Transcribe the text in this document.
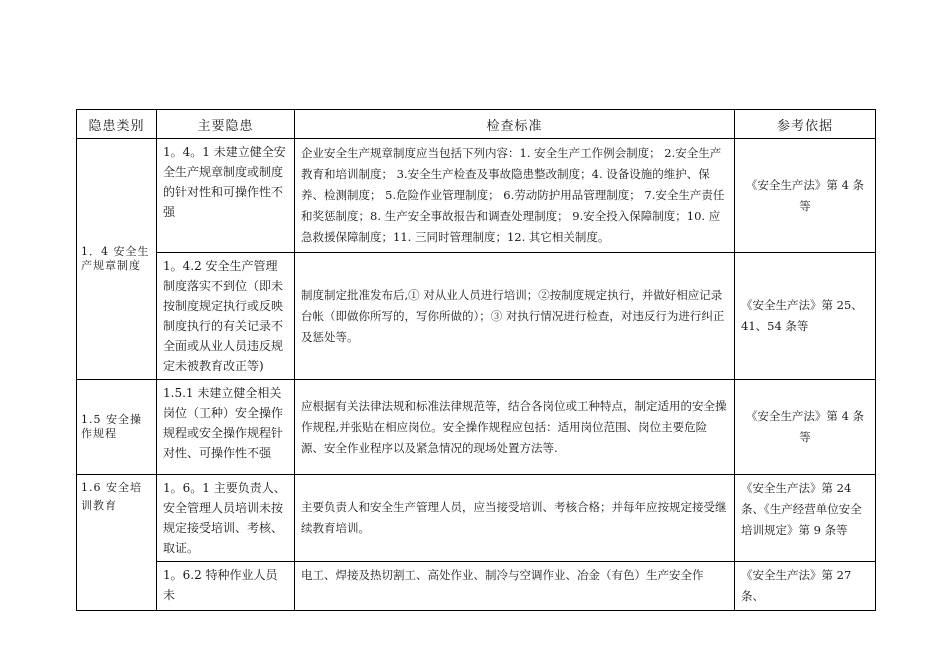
隐患类别	主要隐患	检查标准	参考依据
1．4 安全生产规章制度	1。4。1 未建立健全安全生产规章制度或制度的针对性和可操作性不强	企业安全生产规章制度应当包括下列内容：1. 安全生产工作例会制度； 2.安全生产教育和培训制度； 3.安全生产检查及事故隐患整改制度；4. 设备设施的维护、保养、检测制度； 5.危险作业管理制度； 6.劳动防护用品管理制度； 7.安全生产责任和奖惩制度；8. 生产安全事故报告和调查处理制度； 9.安全投入保障制度；10. 应急救援保障制度；11. 三同时管理制度；12. 其它相关制度。	《安全生产法》第 4 条等
	1。4.2 安全生产管理制度落实不到位（即未按制度规定执行或反映制度执行的有关记录不全面或从业人员违反规定未被教育改正等)	制度制定批准发布后,① 对从业人员进行培训；②按制度规定执行，并做好相应记录台帐（即做你所写的，写你所做的）；③ 对执行情况进行检查，对违反行为进行纠正及惩处等。	《安全生产法》第 25、41、54 条等
1.5 安全操作规程	1.5.1 未建立健全相关岗位（工种）安全操作规程或安全操作规程针对性、可操作性不强	应根据有关法律法规和标准法律规范等，结合各岗位或工种特点，制定适用的安全操作规程,并张贴在相应岗位。安全操作规程应包括：适用岗位范围、岗位主要危险源、安全作业程序以及紧急情况的现场处置方法等.	《安全生产法》第 4 条等
1.6 安全培训教育	1。6。1 主要负责人、安全管理人员培训未按规定接受培训、考核、取证。	主要负责人和安全生产管理人员，应当接受培训、考核合格；并每年应按规定接受继续教育培训。	《安全生产法》第 24 条、《生产经营单位安全培训规定》第 9 条等
	1。6.2 特种作业人员未	电工、焊接及热切割工、高处作业、制冷与空调作业、冶金（有色）生产安全作	《安全生产法》第 27 条、
